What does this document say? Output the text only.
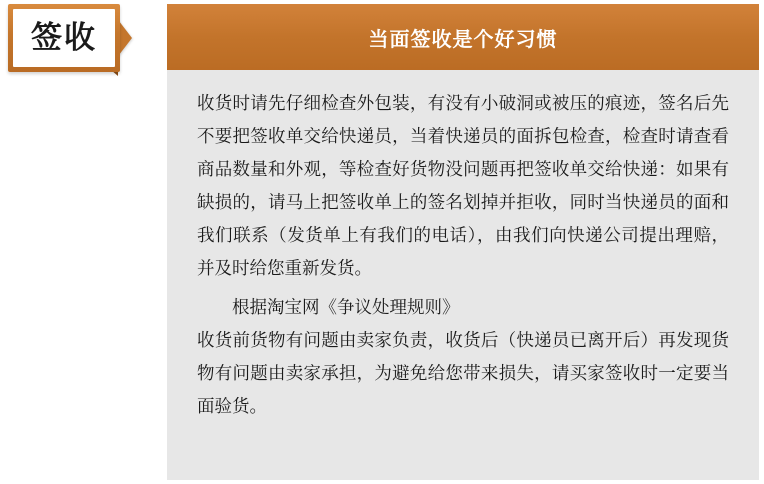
签收	当面签收是个好习惯

收货时请先仔细检查外包装，有没有小破洞或被压的痕迹，签名后先不要把签收单交给快递员，当着快递员的面拆包检查，检查时请查看商品数量和外观，等检查好货物没问题再把签收单交给快递：如果有缺损的，请马上把签收单上的签名划掉并拒收，同时当快递员的面和我们联系（发货单上有我们的电话），由我们向快递公司提出理赔，并及时给您重新发货。

根据淘宝网《争议处理规则》

收货前货物有问题由卖家负责，收货后（快递员已离开后）再发现货物有问题由卖家承担，为避免给您带来损失，请买家签收时一定要当面验货。
